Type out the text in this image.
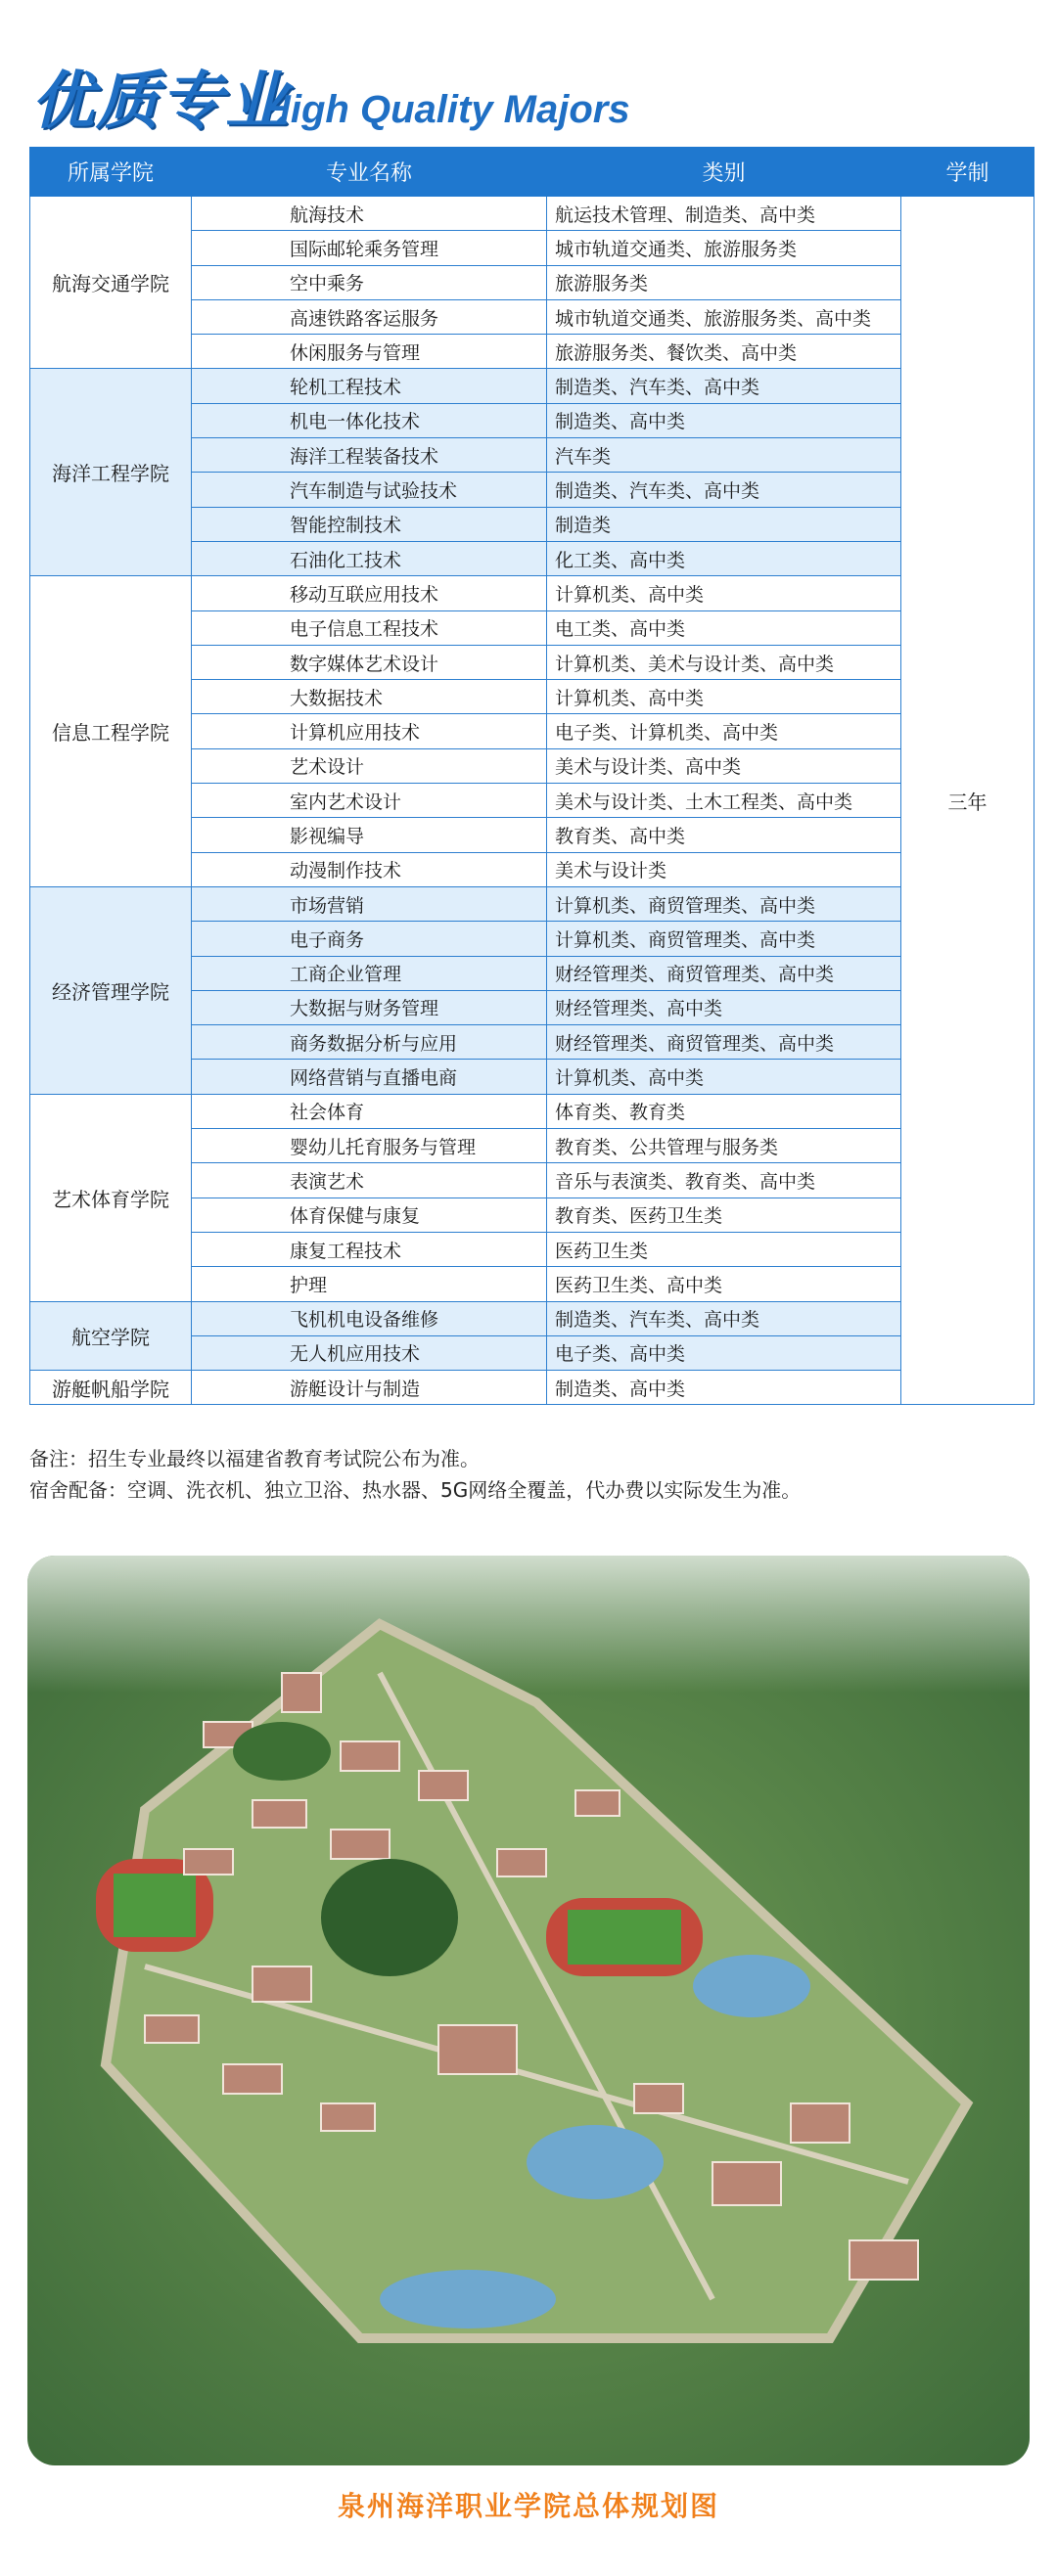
优质专业
High Quality Majors
所属学院	专业名称	类别	学制
航海交通学院	航海技术	航运技术管理、制造类、高中类	三年
	国际邮轮乘务管理	城市轨道交通类、旅游服务类	
	空中乘务	旅游服务类	
	高速铁路客运服务	城市轨道交通类、旅游服务类、高中类	
	休闲服务与管理	旅游服务类、餐饮类、高中类	
海洋工程学院	轮机工程技术	制造类、汽车类、高中类	
	机电一体化技术	制造类、高中类	
	海洋工程装备技术	汽车类	
	汽车制造与试验技术	制造类、汽车类、高中类	
	智能控制技术	制造类	
	石油化工技术	化工类、高中类	
信息工程学院	移动互联应用技术	计算机类、高中类	
	电子信息工程技术	电工类、高中类	
	数字媒体艺术设计	计算机类、美术与设计类、高中类	
	大数据技术	计算机类、高中类	
	计算机应用技术	电子类、计算机类、高中类	
	艺术设计	美术与设计类、高中类	
	室内艺术设计	美术与设计类、土木工程类、高中类	
	影视编导	教育类、高中类	
	动漫制作技术	美术与设计类	
经济管理学院	市场营销	计算机类、商贸管理类、高中类	
	电子商务	计算机类、商贸管理类、高中类	
	工商企业管理	财经管理类、商贸管理类、高中类	
	大数据与财务管理	财经管理类、高中类	
	商务数据分析与应用	财经管理类、商贸管理类、高中类	
	网络营销与直播电商	计算机类、高中类	
艺术体育学院	社会体育	体育类、教育类	
	婴幼儿托育服务与管理	教育类、公共管理与服务类	
	表演艺术	音乐与表演类、教育类、高中类	
	体育保健与康复	教育类、医药卫生类	
	康复工程技术	医药卫生类	
	护理	医药卫生类、高中类	
航空学院	飞机机电设备维修	制造类、汽车类、高中类	
	无人机应用技术	电子类、高中类	
游艇帆船学院	游艇设计与制造	制造类、高中类	
备注：招生专业最终以福建省教育考试院公布为准。
宿舍配备：空调、洗衣机、独立卫浴、热水器、5G网络全覆盖，代办费以实际发生为准。
泉州海洋职业学院总体规划图
